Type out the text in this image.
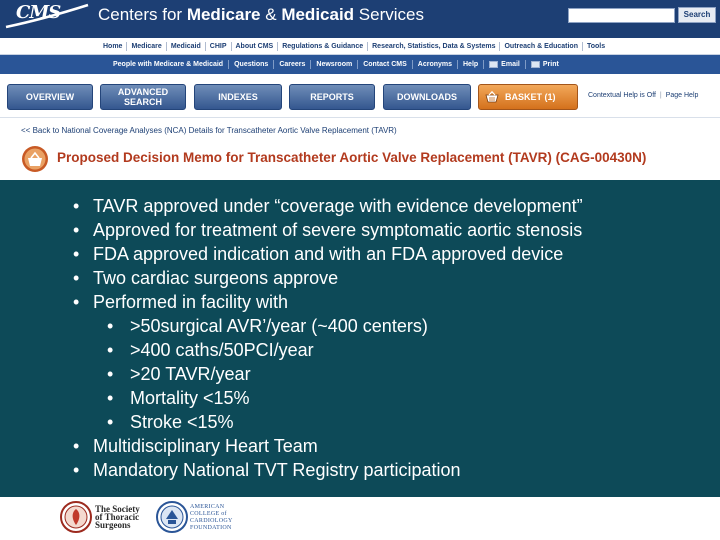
CMS Centers for Medicare & Medicaid Services	Search
Home	Medicare	Medicaid	CHIP	About CMS	Regulations & Guidance	Research, Statistics, Data & Systems	Outreach & Education	Tools
People with Medicare & Medicaid Questions Careers Newsroom Contact CMS Acronyms Help	Email	Print
OVERVIEW	ADVANCED
SEARCH	INDEXES	REPORTS	DOWNLOADS	BASKET (1)	Contextual Help is Off | Page Help
<< Back to National Coverage Analyses (NCA) Details for Transcatheter Aortic Valve Replacement (TAVR)
Proposed Decision Memo for Transcatheter Aortic Valve Replacement (TAVR) (CAG-00430N)
• TAVR approved under “coverage with evidence development”
• Approved for treatment of severe symptomatic aortic stenosis
• FDA approved indication and with an FDA approved device
• Two cardiac surgeons approve
• Performed in facility with
• >50surgical AVR’/year (~400 centers)
• >400 caths/50PCI/year
• >20 TAVR/year
• Mortality <15%
• Stroke <15%
• Multidisciplinary Heart Team
• Mandatory National TVT Registry participation
The Society
of Thoracic
Surgeons
AMERICAN
COLLEGE of
CARDIOLOGY
FOUNDATION
